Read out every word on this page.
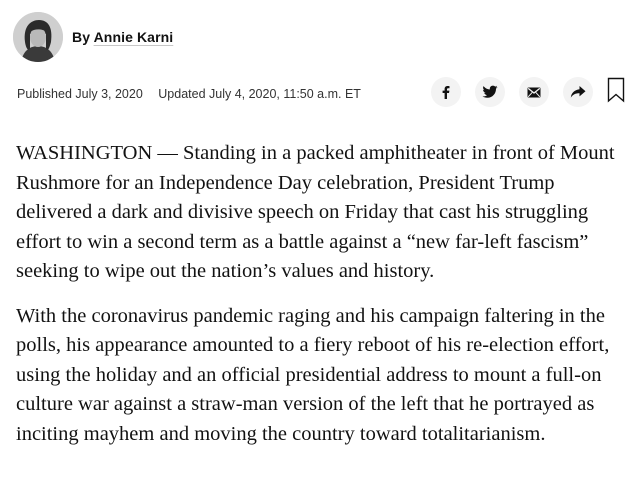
By Annie Karni
Published July 3, 2020 Updated July 4, 2020, 11:50 a.m. ET

WASHINGTON — Standing in a packed amphitheater in front of Mount Rushmore for an Independence Day celebration, President Trump delivered a dark and divisive speech on Friday that cast his struggling effort to win a second term as a battle against a “new far-left fascism” seeking to wipe out the nation’s values and history.

With the coronavirus pandemic raging and his campaign faltering in the polls, his appearance amounted to a fiery reboot of his re-election effort, using the holiday and an official presidential address to mount a full-on culture war against a straw-man version of the left that he portrayed as inciting mayhem and moving the country toward totalitarianism.
